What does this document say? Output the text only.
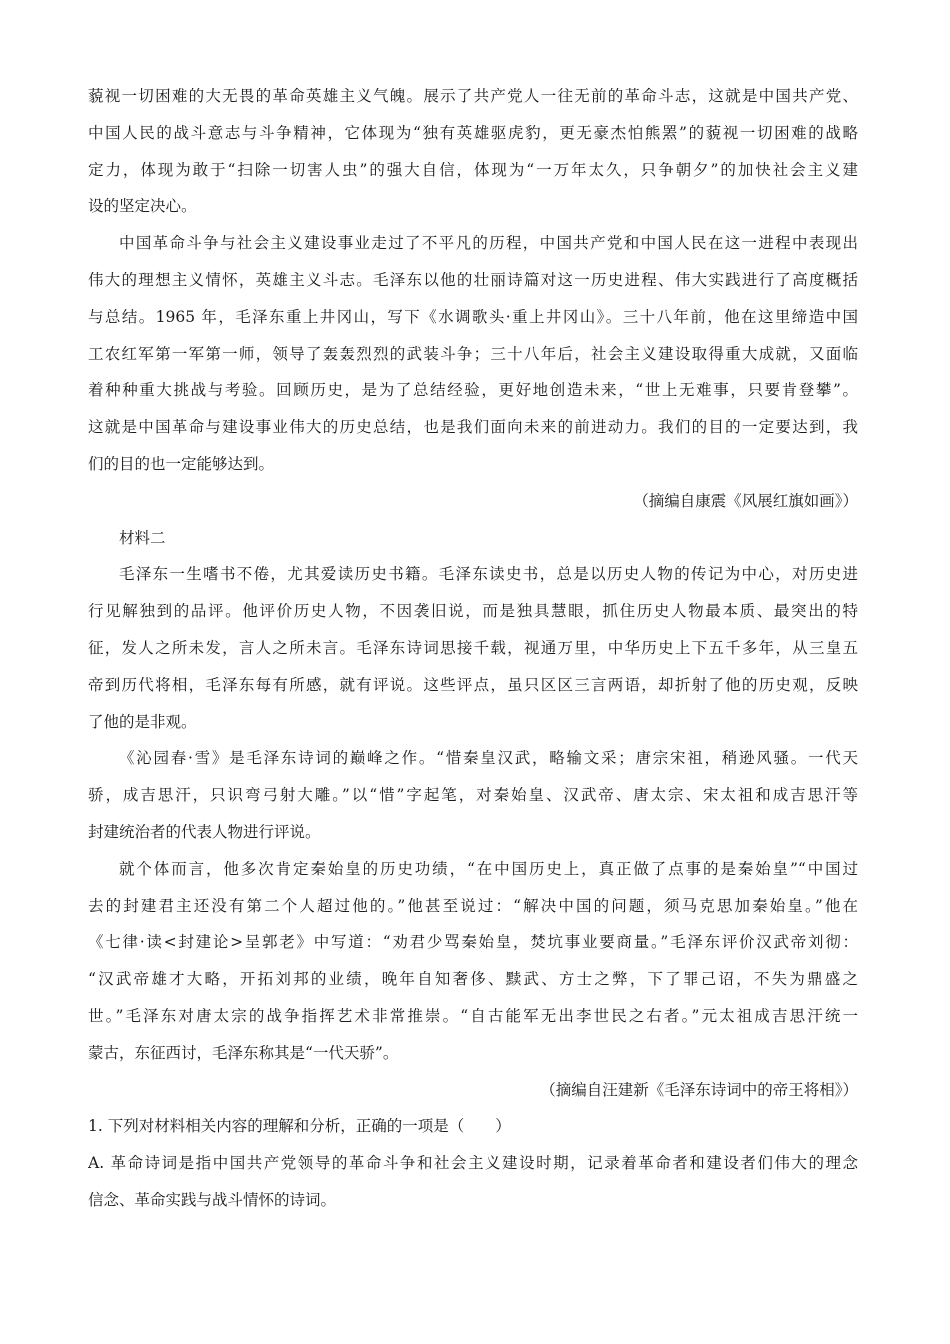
藐视一切困难的大无畏的革命英雄主义气魄。展示了共产党人一往无前的革命斗志，这就是中国共产党、
中国人民的战斗意志与斗争精神，它体现为“独有英雄驱虎豹，更无豪杰怕熊罴”的藐视一切困难的战略
定力，体现为敢于“扫除一切害人虫”的强大自信，体现为“一万年太久，只争朝夕”的加快社会主义建
设的坚定决心。
中国革命斗争与社会主义建设事业走过了不平凡的历程，中国共产党和中国人民在这一进程中表现出
伟大的理想主义情怀，英雄主义斗志。毛泽东以他的壮丽诗篇对这一历史进程、伟大实践进行了高度概括
与总结。1965 年，毛泽东重上井冈山，写下《水调歌头·重上井冈山》。三十八年前，他在这里缔造中国
工农红军第一军第一师，领导了轰轰烈烈的武装斗争；三十八年后，社会主义建设取得重大成就，又面临
着种种重大挑战与考验。回顾历史，是为了总结经验，更好地创造未来，“世上无难事，只要肯登攀”。
这就是中国革命与建设事业伟大的历史总结，也是我们面向未来的前进动力。我们的目的一定要达到，我
们的目的也一定能够达到。
（摘编自康震《风展红旗如画》）
材料二
毛泽东一生嗜书不倦，尤其爱读历史书籍。毛泽东读史书，总是以历史人物的传记为中心，对历史进
行见解独到的品评。他评价历史人物，不因袭旧说，而是独具慧眼，抓住历史人物最本质、最突出的特
征，发人之所未发，言人之所未言。毛泽东诗词思接千载，视通万里，中华历史上下五千多年，从三皇五
帝到历代将相，毛泽东每有所感，就有评说。这些评点，虽只区区三言两语，却折射了他的历史观，反映
了他的是非观。
《沁园春·雪》是毛泽东诗词的巅峰之作。“惜秦皇汉武，略输文采；唐宗宋祖，稍逊风骚。一代天
骄，成吉思汗，只识弯弓射大雕。”以“惜”字起笔，对秦始皇、汉武帝、唐太宗、宋太祖和成吉思汗等
封建统治者的代表人物进行评说。
就个体而言，他多次肯定秦始皇的历史功绩，“在中国历史上，真正做了点事的是秦始皇”“中国过
去的封建君主还没有第二个人超过他的。”他甚至说过：“解决中国的问题，须马克思加秦始皇。”他在
《七律·读<封建论>呈郭老》中写道：“劝君少骂秦始皇，焚坑事业要商量。”毛泽东评价汉武帝刘彻：
“汉武帝雄才大略，开拓刘邦的业绩，晚年自知奢侈、黩武、方士之弊，下了罪己诏，不失为鼎盛之
世。”毛泽东对唐太宗的战争指挥艺术非常推崇。“自古能军无出李世民之右者。”元太祖成吉思汗统一
蒙古，东征西讨，毛泽东称其是“一代天骄”。
（摘编自汪建新《毛泽东诗词中的帝王将相》）
1. 下列对材料相关内容的理解和分析，正确的一项是（　　）
A. 革命诗词是指中国共产党领导的革命斗争和社会主义建设时期，记录着革命者和建设者们伟大的理念
信念、革命实践与战斗情怀的诗词。
